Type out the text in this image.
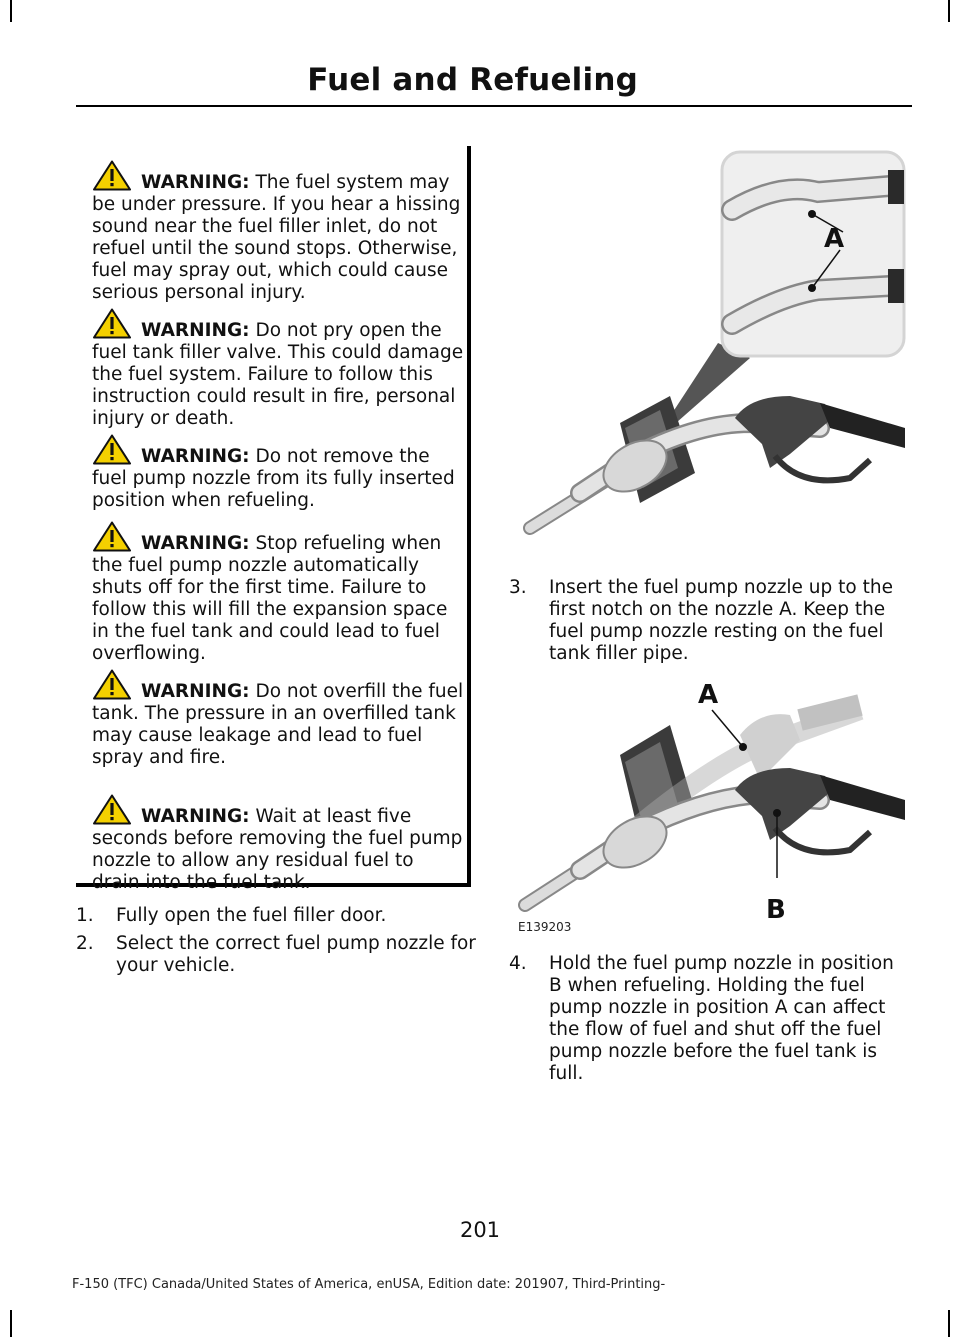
Fuel and Refueling
WARNING: The fuel system may be under pressure. If you hear a hissing sound near the fuel filler inlet, do not refuel until the sound stops. Otherwise, fuel may spray out, which could cause serious personal injury.
WARNING: Do not pry open the fuel tank filler valve. This could damage the fuel system. Failure to follow this instruction could result in fire, personal injury or death.
WARNING: Do not remove the fuel pump nozzle from its fully inserted position when refueling.
WARNING: Stop refueling when the fuel pump nozzle automatically shuts off for the first time. Failure to follow this will fill the expansion space in the fuel tank and could lead to fuel overflowing.
WARNING: Do not overfill the fuel tank. The pressure in an overfilled tank may cause leakage and lead to fuel spray and fire.
WARNING: Wait at least five seconds before removing the fuel pump nozzle to allow any residual fuel to drain into the fuel tank.
1.	Fully open the fuel filler door.
2.	Select the correct fuel pump nozzle for your vehicle.
A
3.	Insert the fuel pump nozzle up to the first notch on the nozzle A. Keep the fuel pump nozzle resting on the fuel tank filler pipe.
A
B
E139203
4.	Hold the fuel pump nozzle in position B when refueling. Holding the fuel pump nozzle in position A can affect the flow of fuel and shut off the fuel pump nozzle before the fuel tank is full.
201
F-150 (TFC) Canada/United States of America, enUSA, Edition date: 201907, Third-Printing-
